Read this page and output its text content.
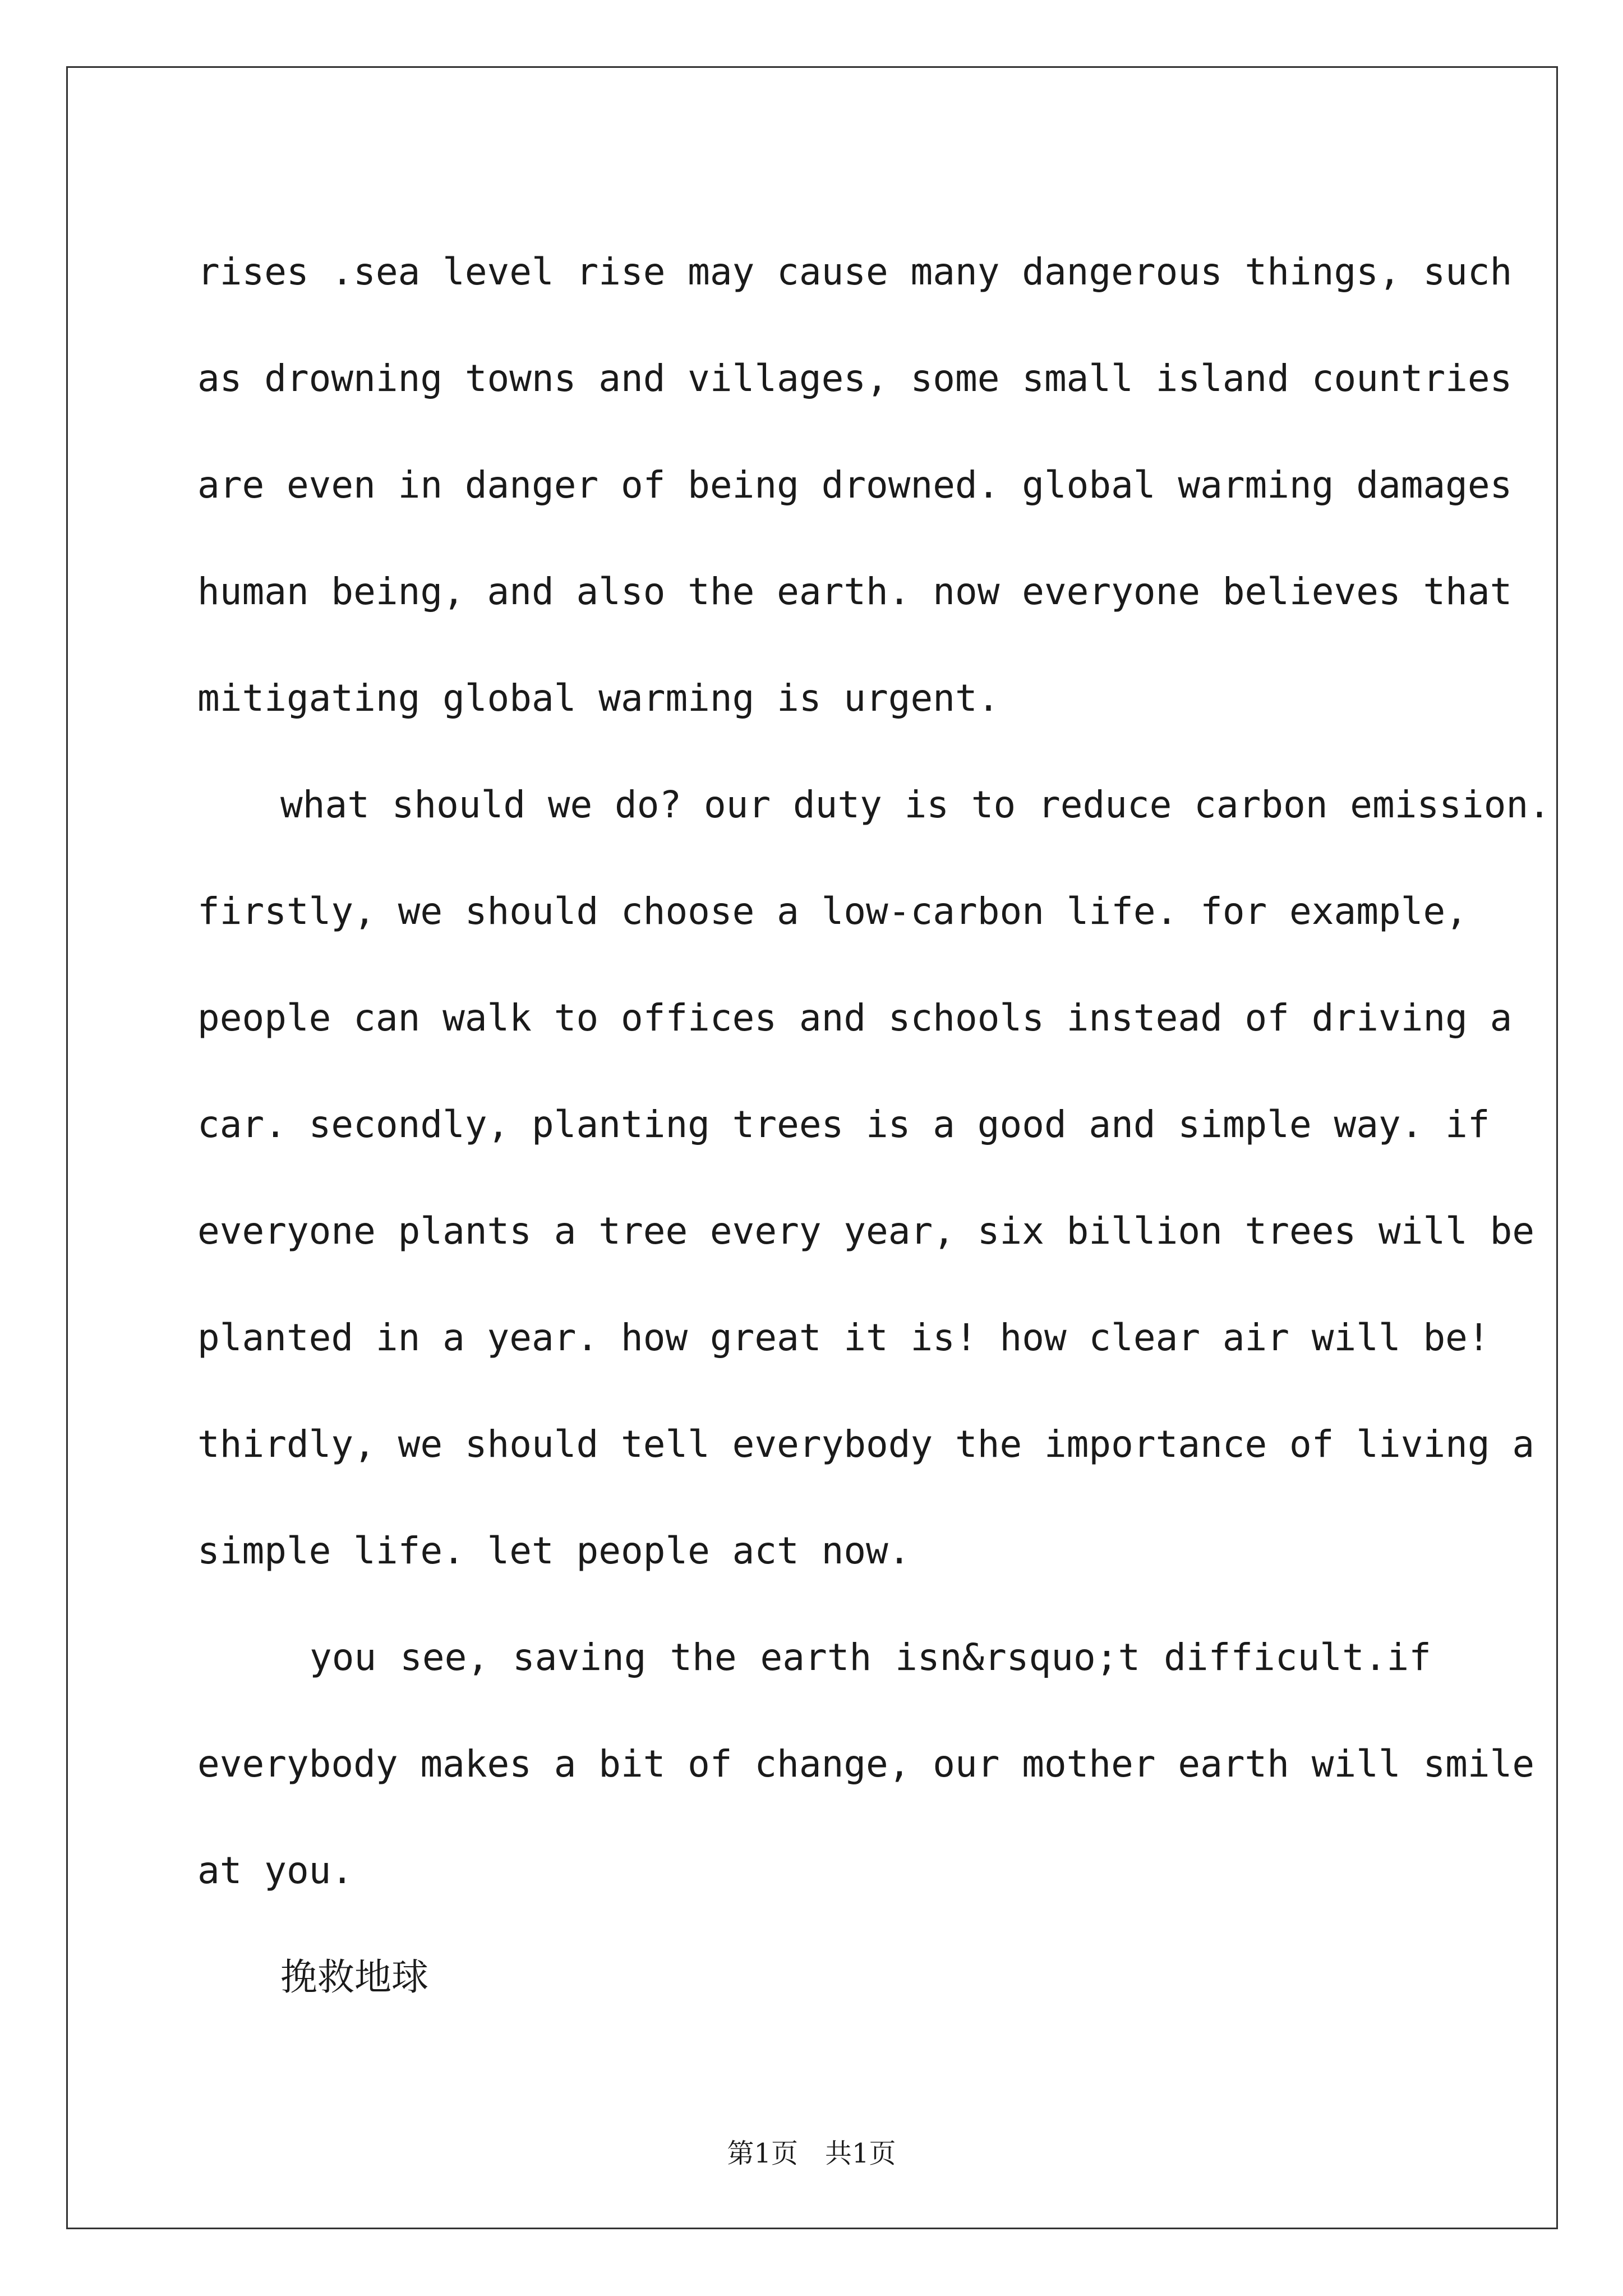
rises .sea level rise may cause many dangerous things, such
as drowning towns and villages, some small island countries
are even in danger of being drowned. global warming damages
human being, and also the earth. now everyone believes that
mitigating global warming is urgent.
what should we do? our duty is to reduce carbon emission.
firstly, we should choose a low-carbon life. for example,
people can walk to offices and schools instead of driving a
car. secondly, planting trees is a good and simple way. if
everyone plants a tree every year, six billion trees will be
planted in a year. how great it is! how clear air will be!
thirdly, we should tell everybody the importance of living a
simple life. let people act now.
you see, saving the earth isn&rsquo;t difficult.if
everybody makes a bit of change, our mother earth will smile
at you.
挽救地球
第1页 共1页
